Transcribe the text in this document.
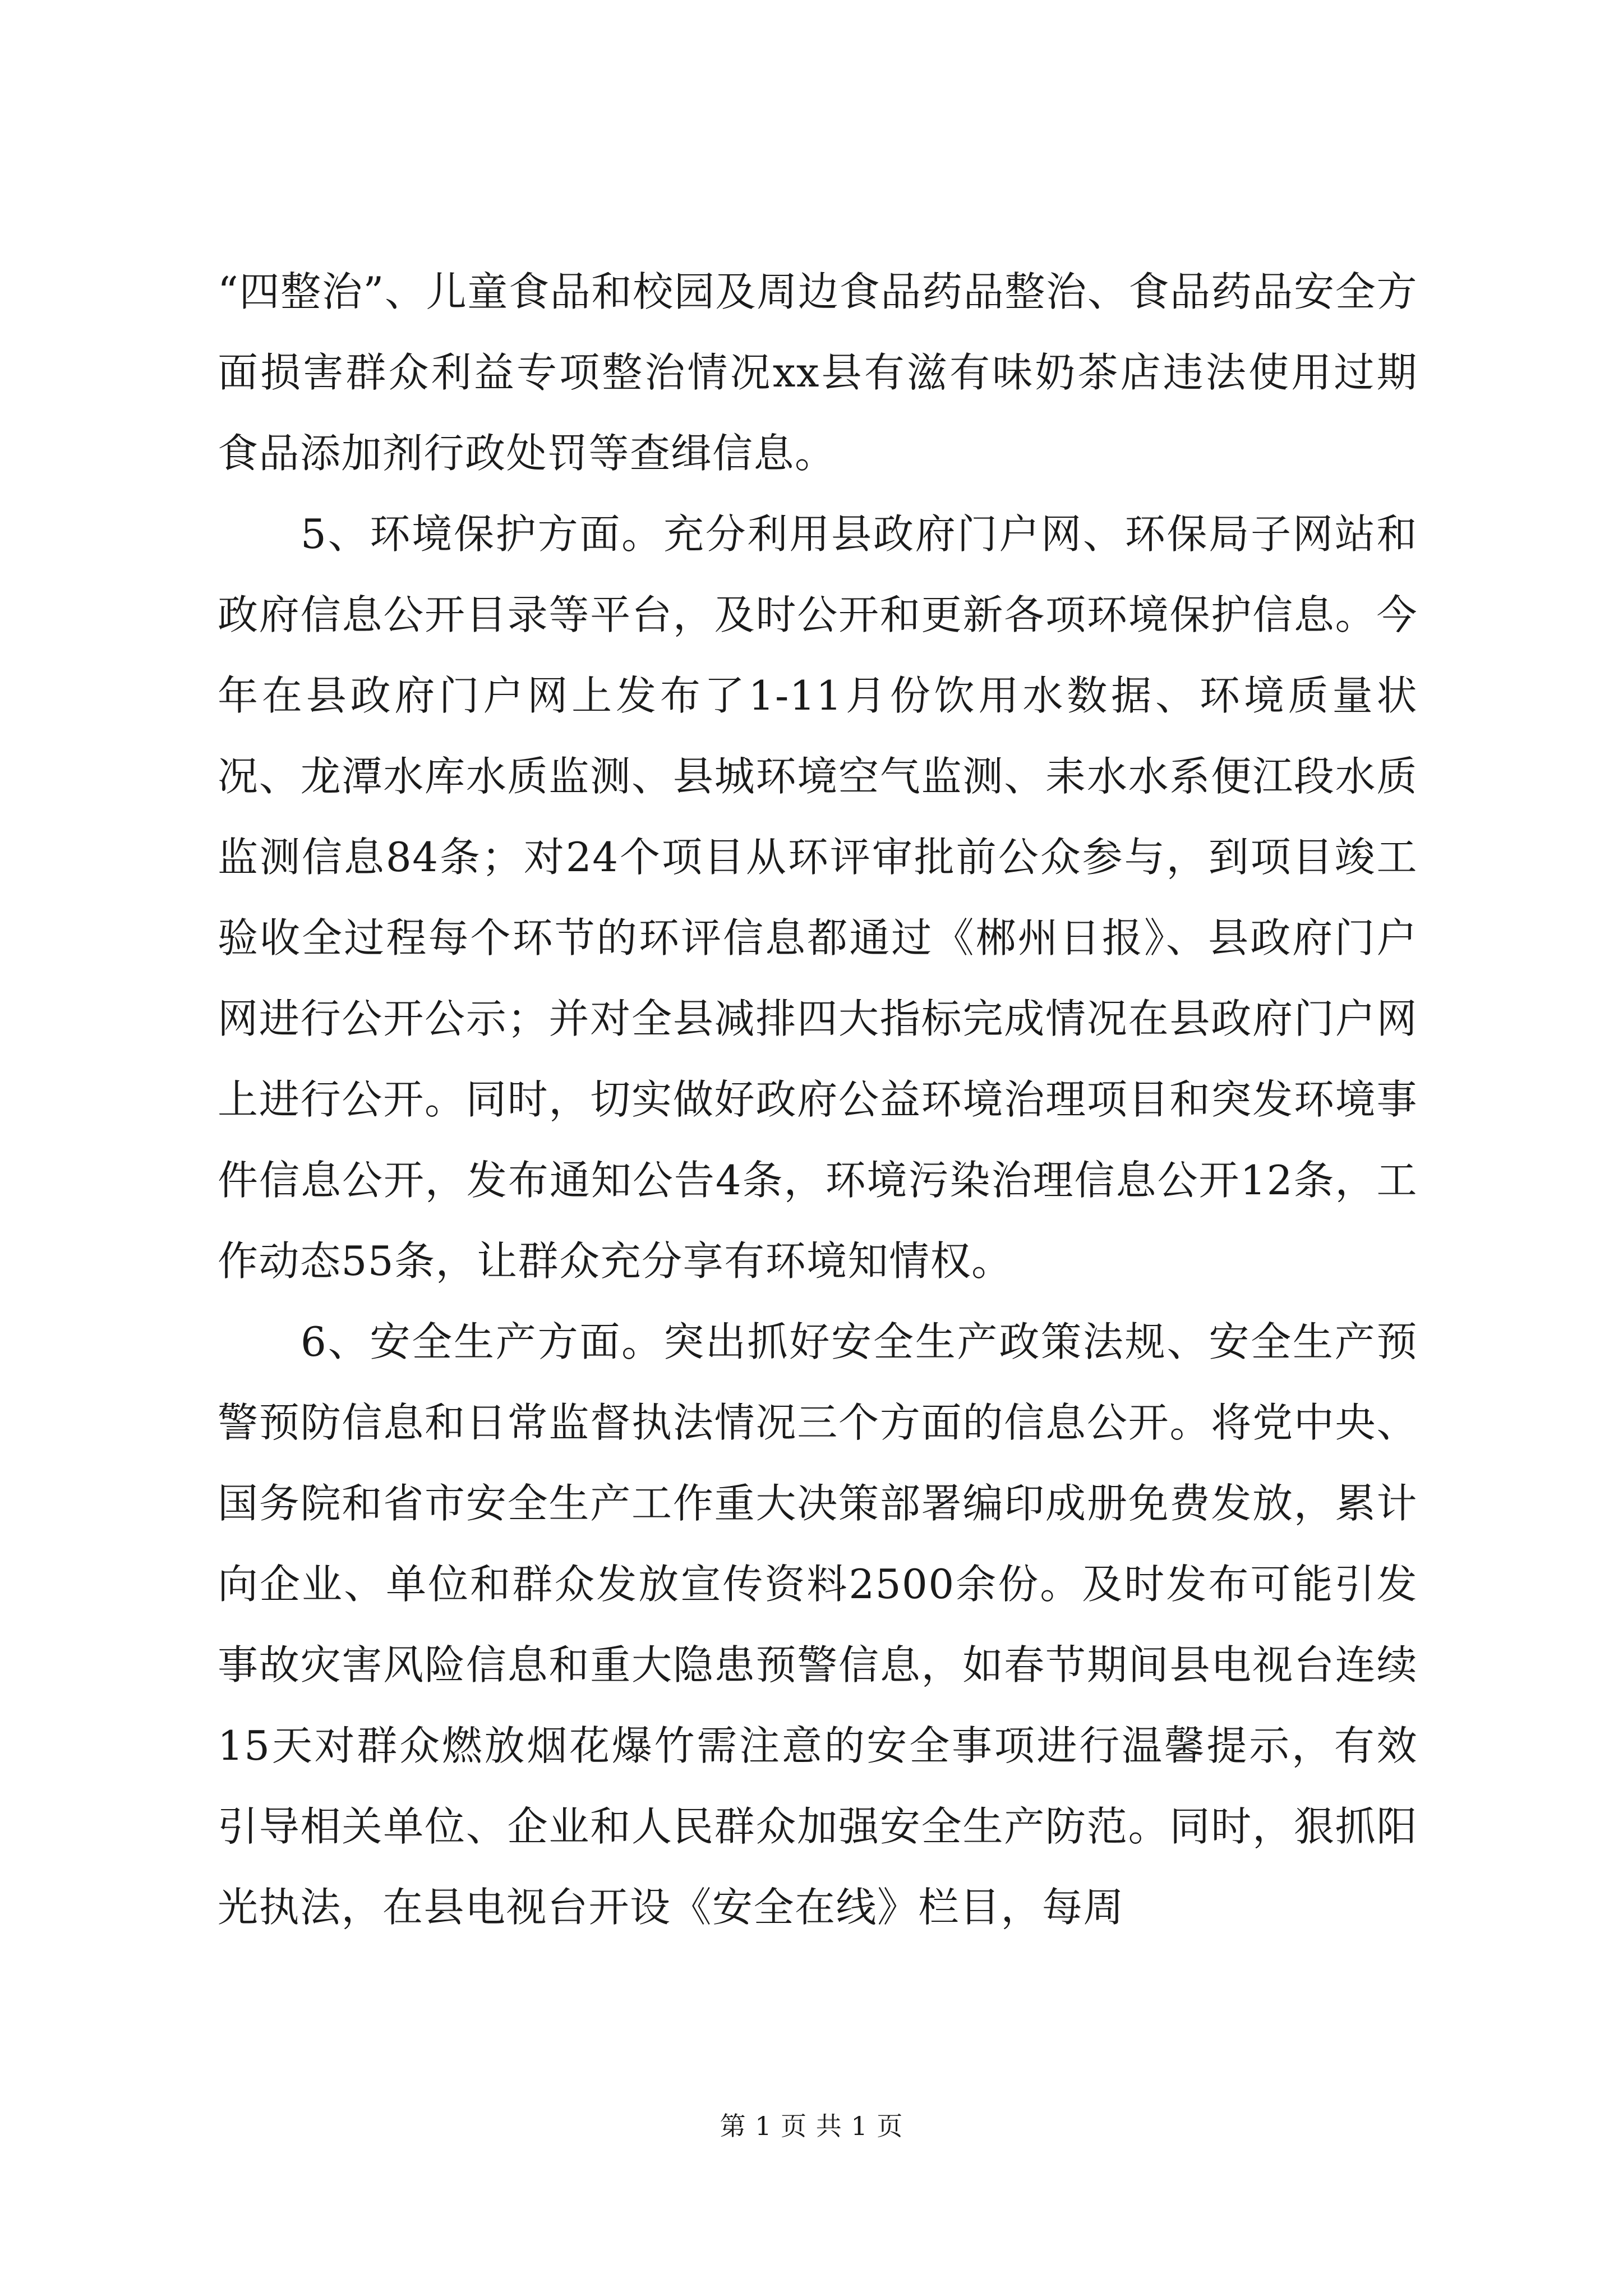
“四整治”、儿童食品和校园及周边食品药品整治、食品药品安全方面损害群众利益专项整治情况xx县有滋有味奶茶店违法使用过期食品添加剂行政处罚等查缉信息。

5、环境保护方面。充分利用县政府门户网、环保局子网站和政府信息公开目录等平台，及时公开和更新各项环境保护信息。今年在县政府门户网上发布了1-11月份饮用水数据、环境质量状况、龙潭水库水质监测、县城环境空气监测、耒水水系便江段水质监测信息84条；对24个项目从环评审批前公众参与，到项目竣工验收全过程每个环节的环评信息都通过《郴州日报》、县政府门户网进行公开公示；并对全县减排四大指标完成情况在县政府门户网上进行公开。同时，切实做好政府公益环境治理项目和突发环境事件信息公开，发布通知公告4条，环境污染治理信息公开12条，工作动态55条，让群众充分享有环境知情权。

6、安全生产方面。突出抓好安全生产政策法规、安全生产预警预防信息和日常监督执法情况三个方面的信息公开。将党中央、国务院和省市安全生产工作重大决策部署编印成册免费发放，累计向企业、单位和群众发放宣传资料2500余份。及时发布可能引发事故灾害风险信息和重大隐患预警信息，如春节期间县电视台连续15天对群众燃放烟花爆竹需注意的安全事项进行温馨提示，有效引导相关单位、企业和人民群众加强安全生产防范。同时，狠抓阳光执法，在县电视台开设《安全在线》栏目，每周

第 1 页 共 1 页
